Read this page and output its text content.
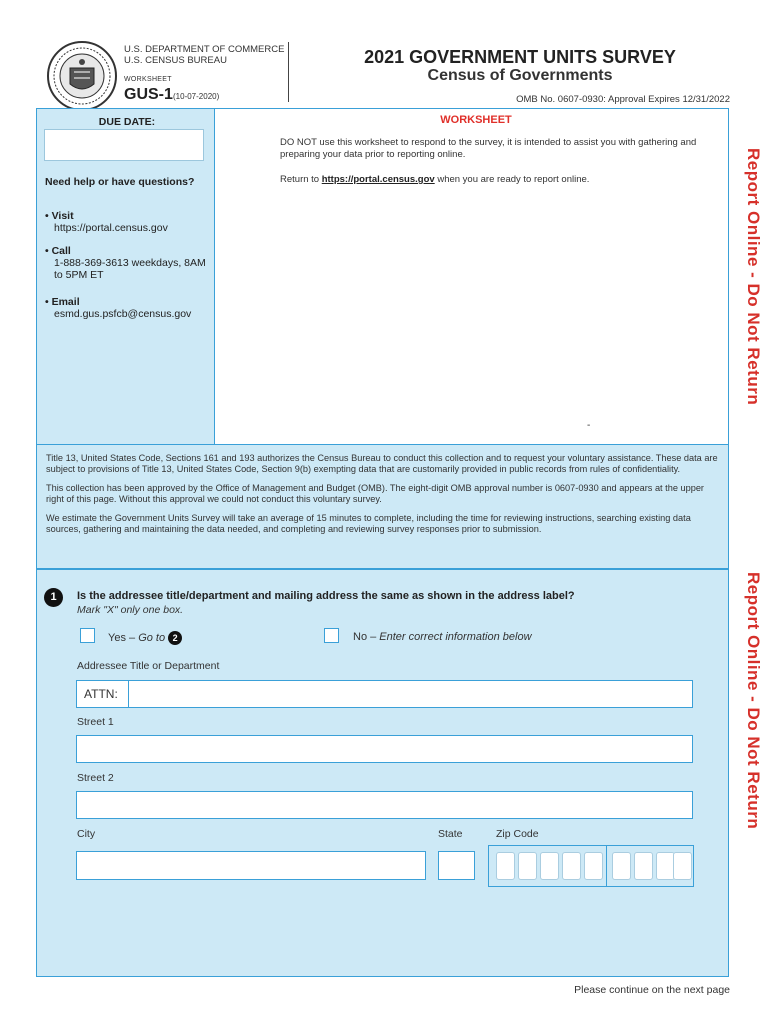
U.S. DEPARTMENT OF COMMERCE
U.S. CENSUS BUREAU
WORKSHEET
GUS-1 (10-07-2020)
2021 GOVERNMENT UNITS SURVEY
Census of Governments
OMB No. 0607-0930: Approval Expires 12/31/2022
DUE DATE:
Need help or have questions?
• Visit
https://portal.census.gov
• Call
1-888-369-3613 weekdays, 8AM to 5PM ET
• Email
esmd.gus.psfcb@census.gov
WORKSHEET
DO NOT use this worksheet to respond to the survey, it is intended to assist you with gathering and preparing your data prior to reporting online.
Return to https://portal.census.gov when you are ready to report online.
-

Title 13, United States Code, Sections 161 and 193 authorizes the Census Bureau to conduct this collection and to request your voluntary assistance. These data are subject to provisions of Title 13, United States Code, Section 9(b) exempting data that are customarily provided in public records from rules of confidentiality.

This collection has been approved by the Office of Management and Budget (OMB). The eight-digit OMB approval number is 0607-0930 and appears at the upper right of this page. Without this approval we could not conduct this voluntary survey.

We estimate the Government Units Survey will take an average of 15 minutes to complete, including the time for reviewing instructions, searching existing data sources, gathering and maintaining the data needed, and completing and reviewing survey responses prior to submission.

1	Is the addressee title/department and mailing address the same as shown in the address label?
Mark "X" only one box.
Yes – Go to 2	No – Enter correct information below
Addressee Title or Department
ATTN:
Street 1
Street 2
City	State	Zip Code
Report Online - Do Not Return
Report Online - Do Not Return
Please continue on the next page
